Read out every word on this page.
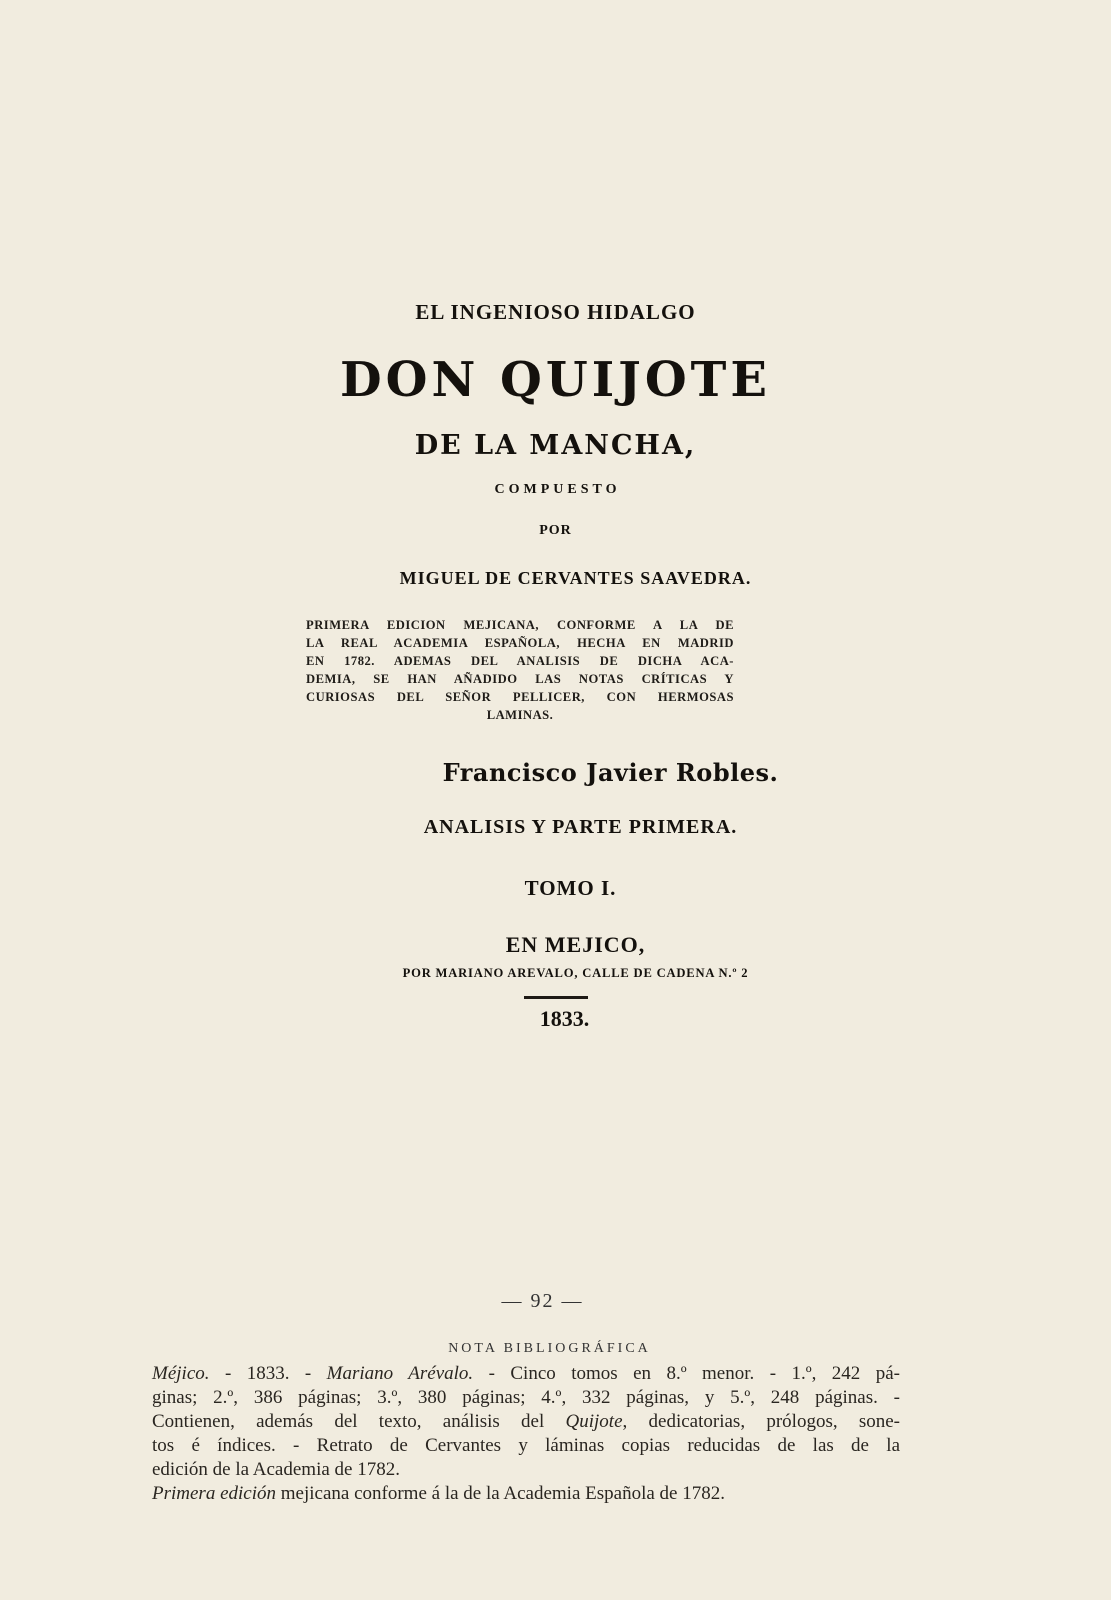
EL INGENIOSO HIDALGO
DON QUIJOTE
DE LA MANCHA,
COMPUESTO
POR
MIGUEL DE CERVANTES SAAVEDRA.
PRIMERA EDICION MEJICANA, CONFORME A LA DE
LA REAL ACADEMIA ESPAÑOLA, HECHA EN MADRID
EN 1782. ADEMAS DEL ANALISIS DE DICHA ACA-
DEMIA, SE HAN AÑADIDO LAS NOTAS CRÍTICAS Y
CURIOSAS DEL SEÑOR PELLICER, CON HERMOSAS
LAMINAS.
Francisco Javier Robles.
ANALISIS Y PARTE PRIMERA.
TOMO I.
EN MEJICO,
POR MARIANO AREVALO, CALLE DE CADENA N.º 2
1833.
— 92 —
NOTA BIBLIOGRÁFICA
Méjico. - 1833. - Mariano Arévalo. - Cinco tomos en 8.º menor. - 1.º, 242 pá-
ginas; 2.º, 386 páginas; 3.º, 380 páginas; 4.º, 332 páginas, y 5.º, 248 páginas. -
Contienen, además del texto, análisis del Quijote, dedicatorias, prólogos, sone-
tos é índices. - Retrato de Cervantes y láminas copias reducidas de las de la
edición de la Academia de 1782.
Primera edición mejicana conforme á la de la Academia Española de 1782.
